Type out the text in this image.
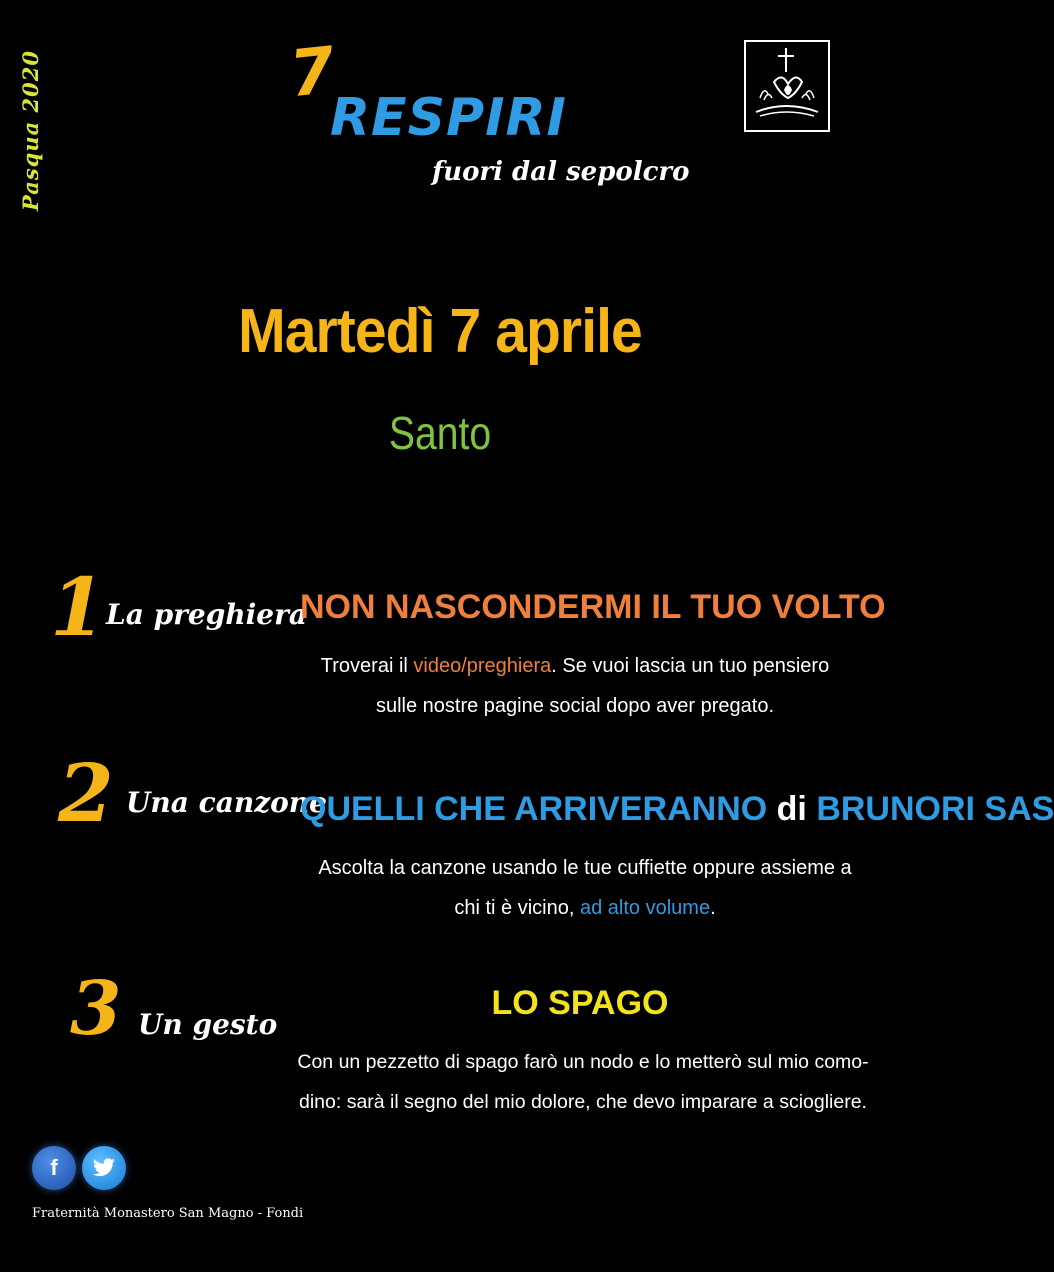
Pasqua 2020	7
RESPIRI
fuori dal sepolcro
Martedì 7 aprile
Santo
1 La preghiera
NON NASCONDERMI IL TUO VOLTO
Troverai il video/preghiera. Se vuoi lascia un tuo pensiero
sulle nostre pagine social dopo aver pregato.
2 Una canzone
QUELLI CHE ARRIVERANNO di BRUNORI SAS
Ascolta la canzone usando le tue cuffiette oppure assieme a
chi ti è vicino, ad alto volume.
3 Un gesto
LO SPAGO
Con un pezzetto di spago farò un nodo e lo metterò sul mio como-
dino: sarà il segno del mio dolore, che devo imparare a sciogliere.
f
Fraternità Monastero San Magno - Fondi
